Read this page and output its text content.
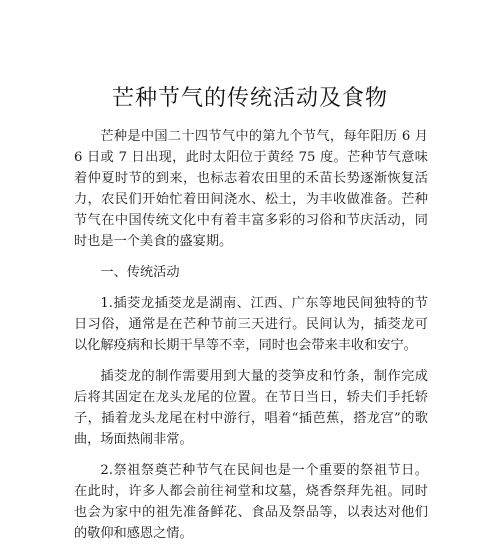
芒种节气的传统活动及食物

芒种是中国二十四节气中的第九个节气，每年阳历 6 月 6 日或 7 日出现，此时太阳位于黄经 75 度。芒种节气意味着仲夏时节的到来，也标志着农田里的禾苗长势逐渐恢复活力，农民们开始忙着田间浇水、松土，为丰收做准备。芒种节气在中国传统文化中有着丰富多彩的习俗和节庆活动，同时也是一个美食的盛宴期。

一、传统活动

1.插茭龙插茭龙是湖南、江西、广东等地民间独特的节日习俗，通常是在芒种节前三天进行。民间认为，插茭龙可以化解疫病和长期干旱等不幸，同时也会带来丰收和安宁。

插茭龙的制作需要用到大量的茭笋皮和竹条，制作完成后将其固定在龙头龙尾的位置。在节日当日，轿夫们手托轿子，插着龙头龙尾在村中游行，唱着“插芭蕉，搭龙宫”的歌曲，场面热闹非常。

2.祭祖祭奠芒种节气在民间也是一个重要的祭祖节日。在此时，许多人都会前往祠堂和坟墓，烧香祭拜先祖。同时也会为家中的祖先准备鲜花、食品及祭品等，以表达对他们的敬仰和感恩之情。
